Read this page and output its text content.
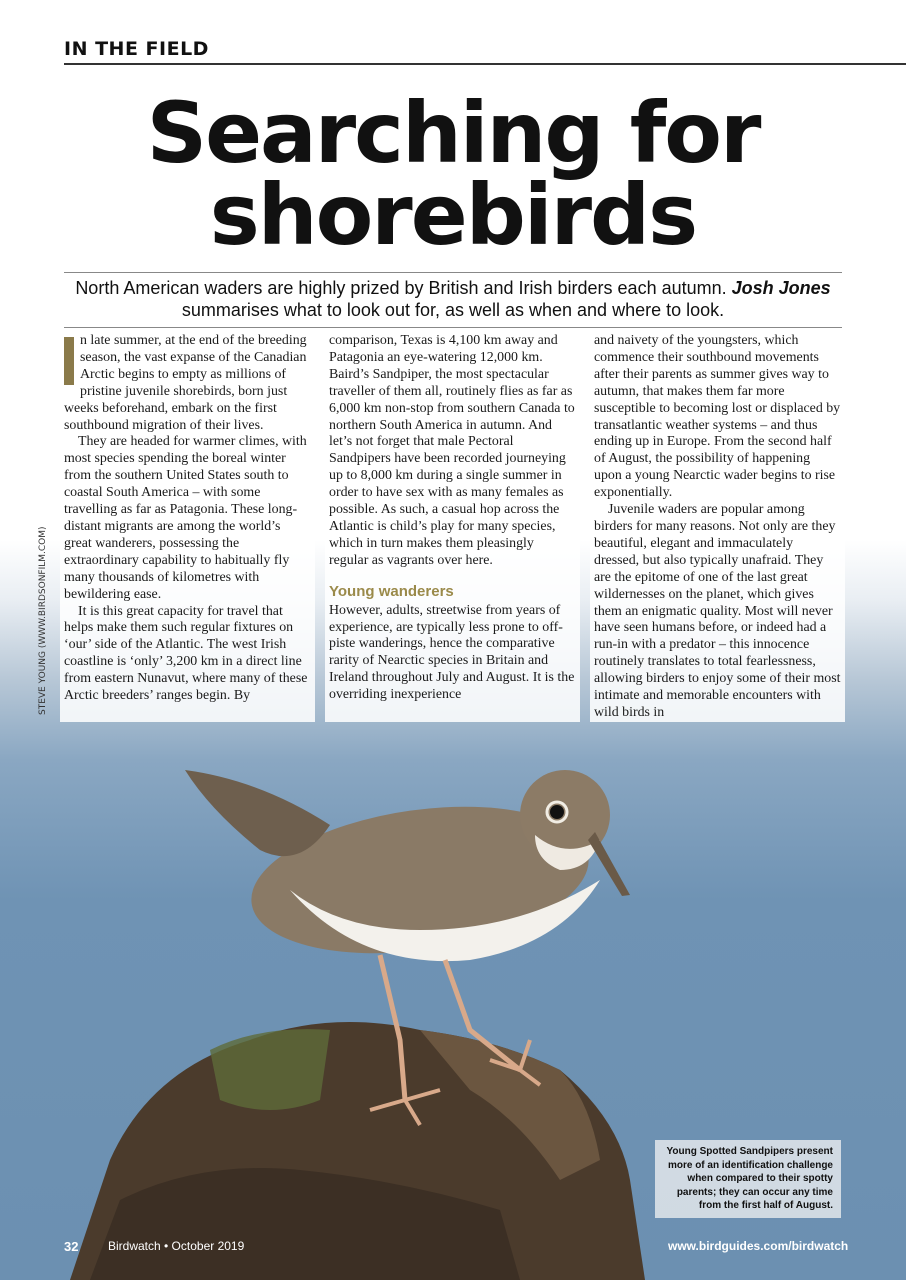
IN THE FIELD
Searching for
shorebirds
North American waders are highly prized by British and Irish birders each autumn. Josh Jones summarises what to look out for, as well as when and where to look.

n late summer, at the end of the breeding season, the vast expanse of the Canadian Arctic begins to empty as millions of pristine juvenile shorebirds, born just weeks beforehand, embark on the first southbound migration of their lives.

They are headed for warmer climes, with most species spending the boreal winter from the southern United States south to coastal South America – with some travelling as far as Patagonia. These long-distant migrants are among the world’s great wanderers, possessing the extraordinary capability to habitually fly many thousands of kilometres with bewildering ease.

It is this great capacity for travel that helps make them such regular fixtures on ‘our’ side of the Atlantic. The west Irish coastline is ‘only’ 3,200 km in a direct line from eastern Nunavut, where many of these Arctic breeders’ ranges begin. By

comparison, Texas is 4,100 km away and Patagonia an eye-watering 12,000 km. Baird’s Sandpiper, the most spectacular traveller of them all, routinely flies as far as 6,000 km non-stop from southern Canada to northern South America in autumn. And let’s not forget that male Pectoral Sandpipers have been recorded journeying up to 8,000 km during a single summer in order to have sex with as many females as possible. As such, a casual hop across the Atlantic is child’s play for many species, which in turn makes them pleasingly regular as vagrants over here.

Young wanderers

However, adults, streetwise from years of experience, are typically less prone to off-piste wanderings, hence the comparative rarity of Nearctic species in Britain and Ireland throughout July and August. It is the overriding inexperience

and naivety of the youngsters, which commence their southbound movements after their parents as summer gives way to autumn, that makes them far more susceptible to becoming lost or displaced by transatlantic weather systems – and thus ending up in Europe. From the second half of August, the possibility of happening upon a young Nearctic wader begins to rise exponentially.

Juvenile waders are popular among birders for many reasons. Not only are they beautiful, elegant and immaculately dressed, but also typically unafraid. They are the epitome of one of the last great wildernesses on the planet, which gives them an enigmatic quality. Most will never have seen humans before, or indeed had a run-in with a predator – this innocence routinely translates to total fearlessness, allowing birders to enjoy some of their most intimate and memorable encounters with wild birds in

STEVE YOUNG (WWW.BIRDSONFILM.COM)
Young Spotted Sandpipers present more of an identification challenge when compared to their spotty parents; they can occur any time from the first half of August.
32 Birdwatch • October 2019	www.birdguides.com/birdwatch
